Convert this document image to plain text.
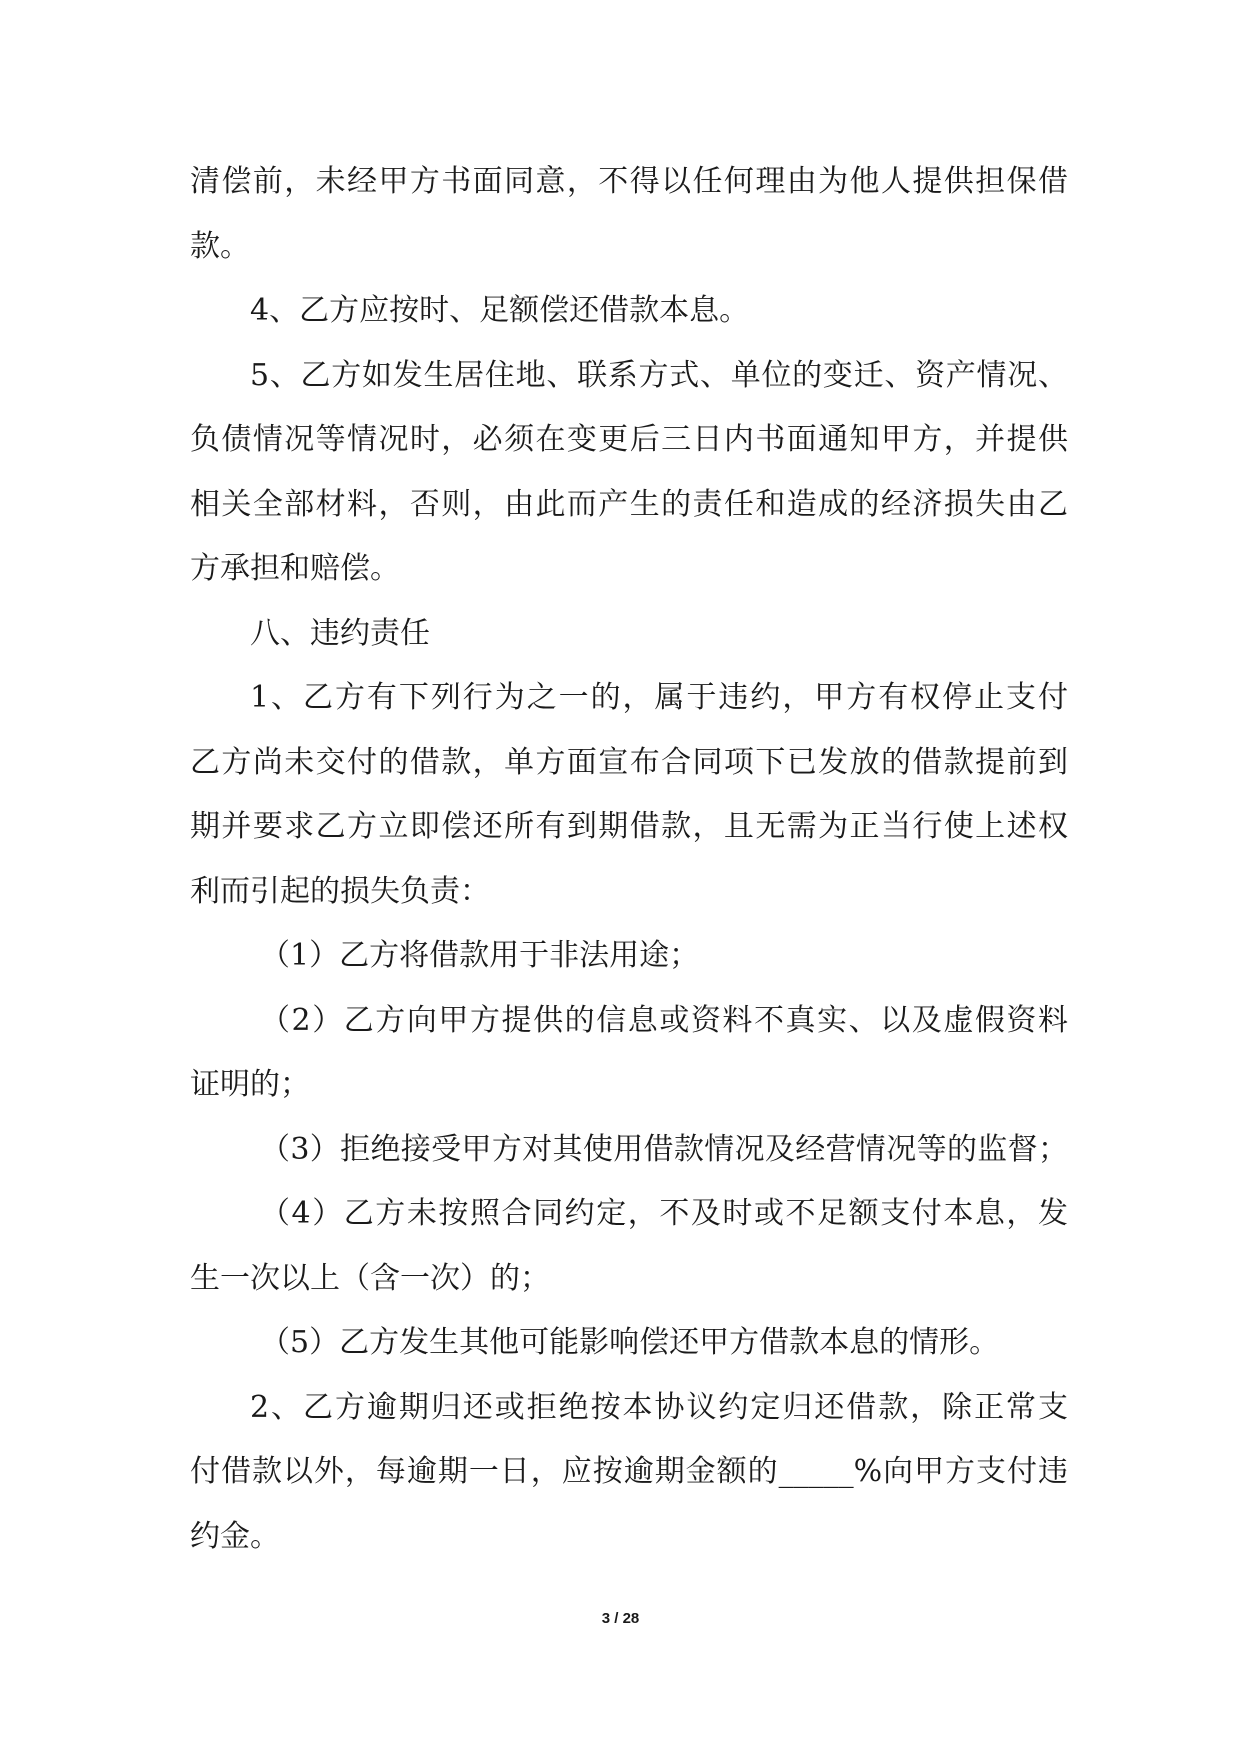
清偿前，未经甲方书面同意，不得以任何理由为他人提供担保借
款。
4、乙方应按时、足额偿还借款本息。
5、乙方如发生居住地、联系方式、单位的变迁、资产情况、
负债情况等情况时，必须在变更后三日内书面通知甲方，并提供
相关全部材料，否则，由此而产生的责任和造成的经济损失由乙
方承担和赔偿。
八、违约责任
1、乙方有下列行为之一的，属于违约，甲方有权停止支付
乙方尚未交付的借款，单方面宣布合同项下已发放的借款提前到
期并要求乙方立即偿还所有到期借款，且无需为正当行使上述权
利而引起的损失负责：
（1）乙方将借款用于非法用途；
（2）乙方向甲方提供的信息或资料不真实、以及虚假资料
证明的；
（3）拒绝接受甲方对其使用借款情况及经营情况等的监督；
（4）乙方未按照合同约定，不及时或不足额支付本息，发
生一次以上（含一次）的；
（5）乙方发生其他可能影响偿还甲方借款本息的情形。
2、乙方逾期归还或拒绝按本协议约定归还借款，除正常支
付借款以外，每逾期一日，应按逾期金额的_____%向甲方支付违
约金。
3 / 28
